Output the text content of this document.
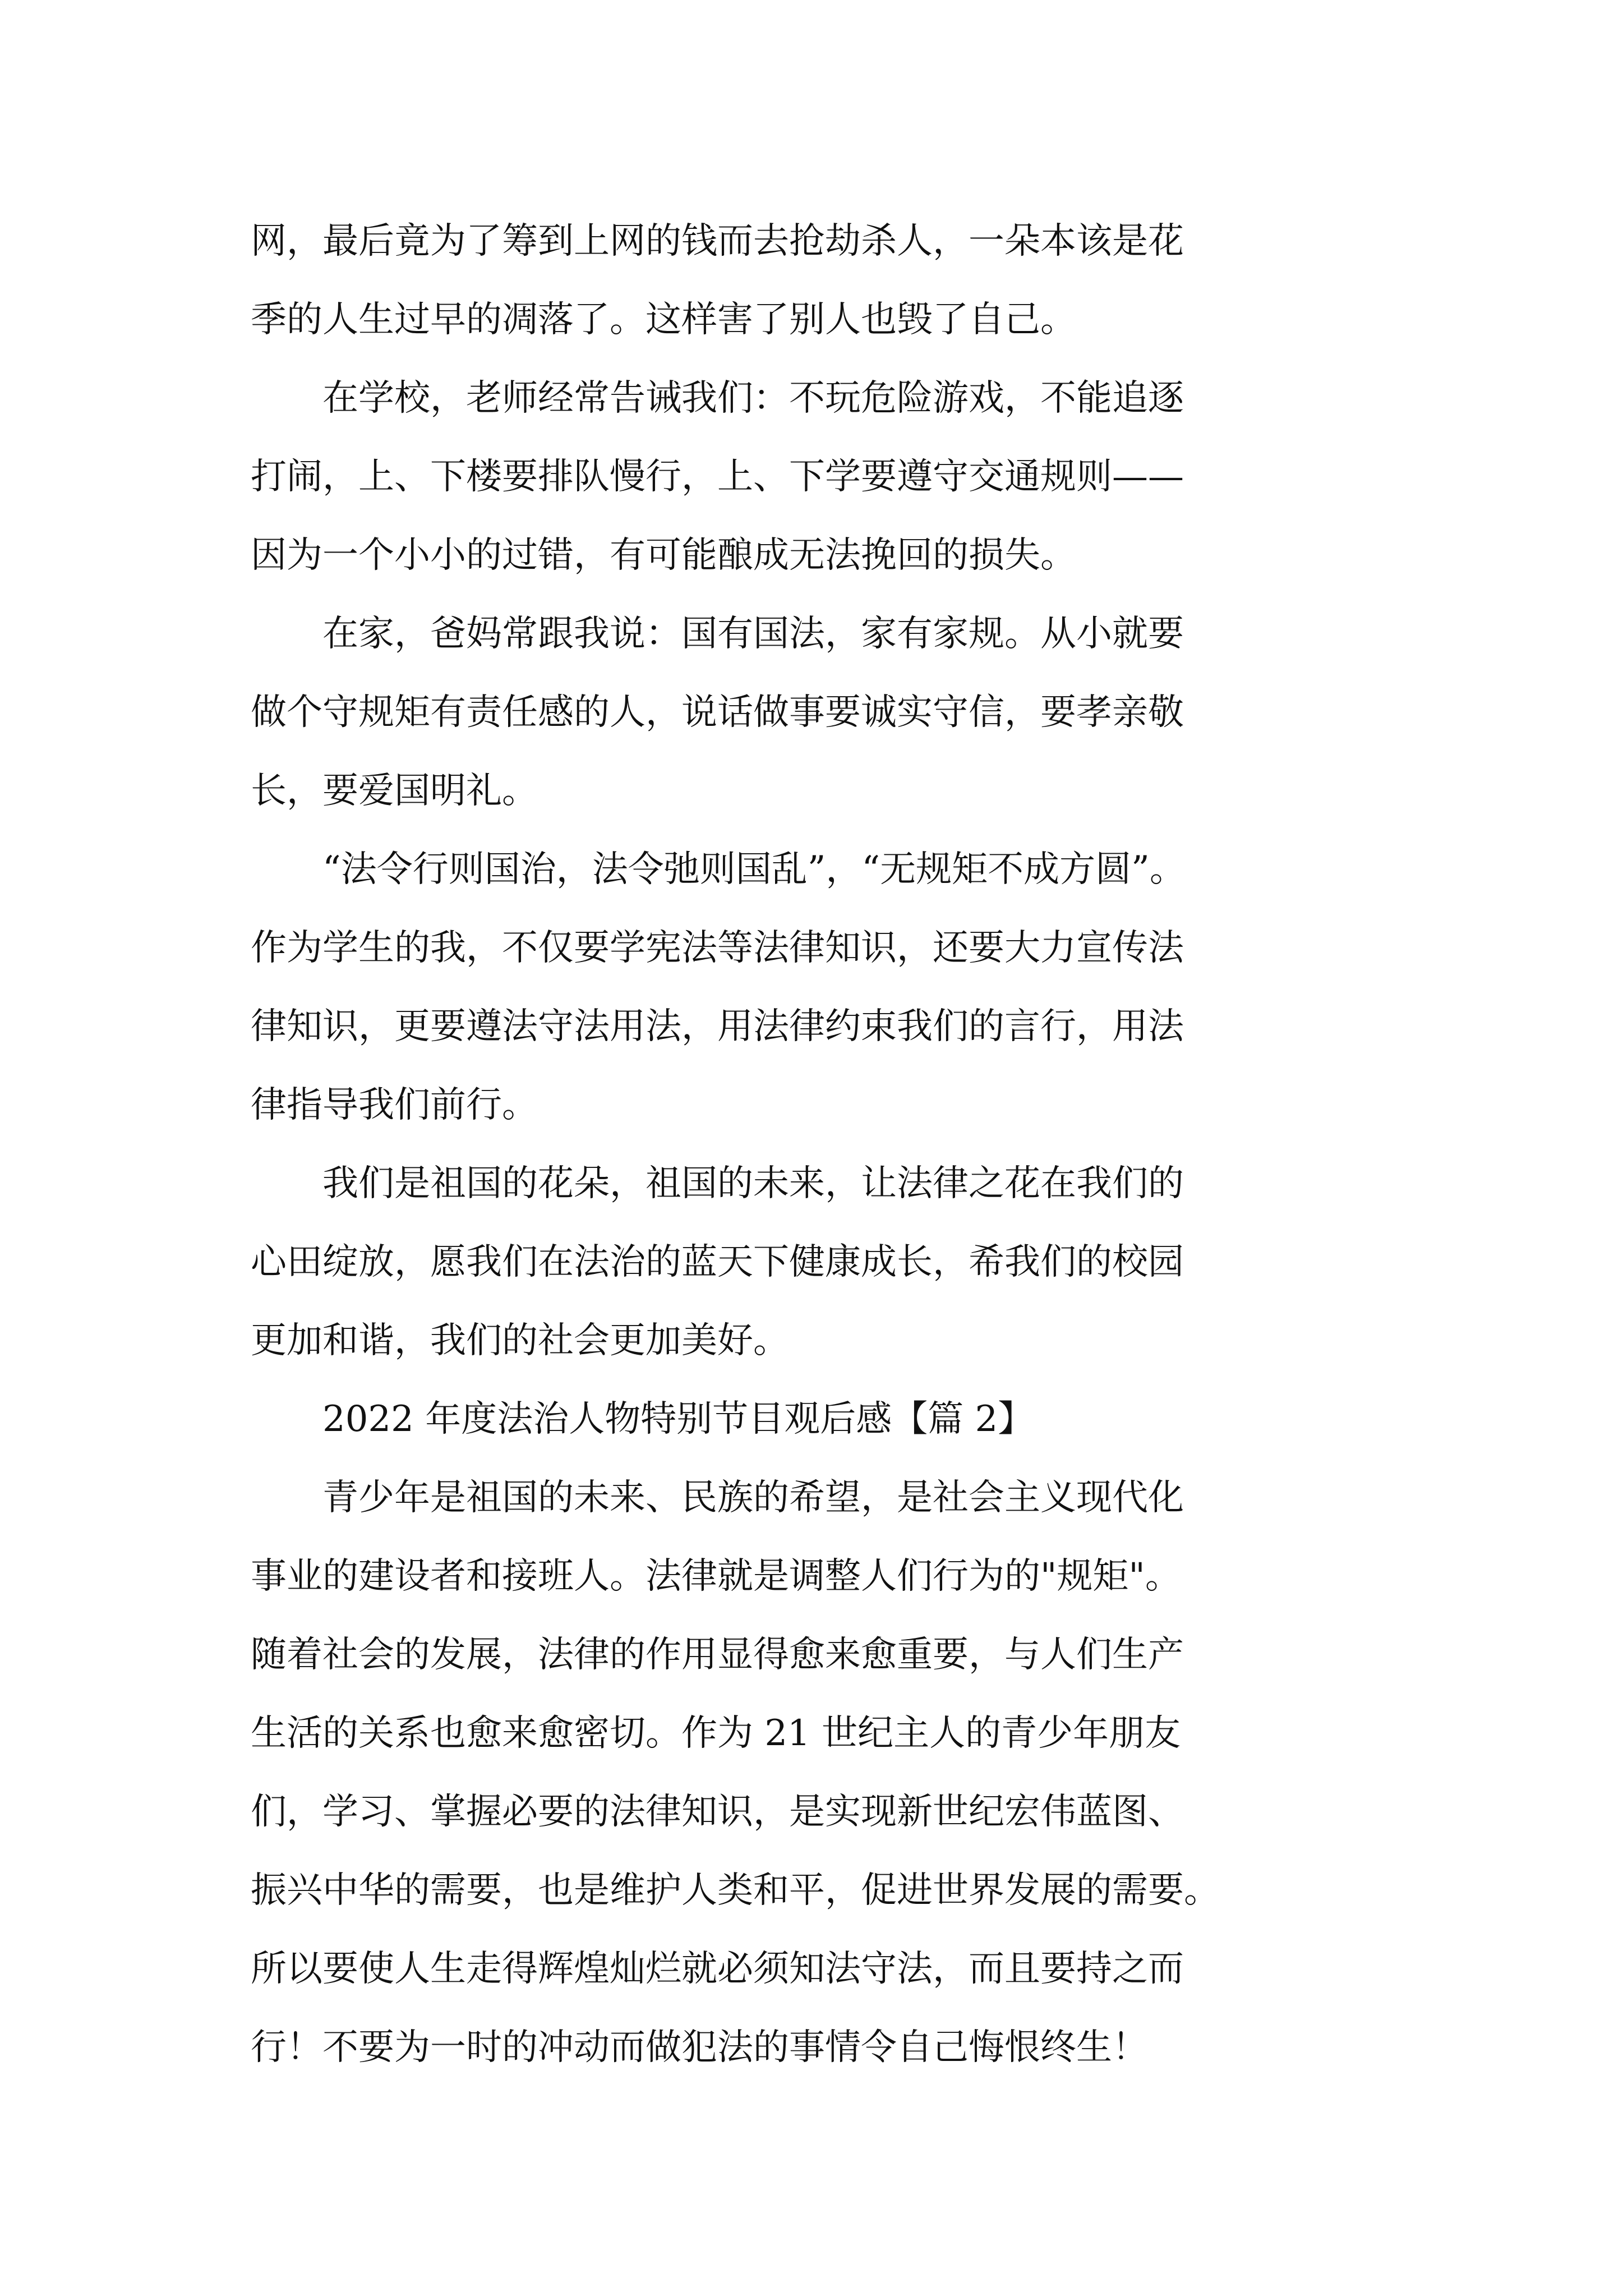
网，最后竟为了筹到上网的钱而去抢劫杀人，一朵本该是花
季的人生过早的凋落了。这样害了别人也毁了自己。
　　在学校，老师经常告诫我们：不玩危险游戏，不能追逐
打闹，上、下楼要排队慢行，上、下学要遵守交通规则——
因为一个小小的过错，有可能酿成无法挽回的损失。
　　在家，爸妈常跟我说：国有国法，家有家规。从小就要
做个守规矩有责任感的人，说话做事要诚实守信，要孝亲敬
长，要爱国明礼。
　　“法令行则国治，法令弛则国乱”，“无规矩不成方圆”。
作为学生的我，不仅要学宪法等法律知识，还要大力宣传法
律知识，更要遵法守法用法，用法律约束我们的言行，用法
律指导我们前行。
　　我们是祖国的花朵，祖国的未来，让法律之花在我们的
心田绽放，愿我们在法治的蓝天下健康成长，希我们的校园
更加和谐，我们的社会更加美好。
　　2022 年度法治人物特别节目观后感【篇 2】
　　青少年是祖国的未来、民族的希望，是社会主义现代化
事业的建设者和接班人。法律就是调整人们行为的"规矩"。
随着社会的发展，法律的作用显得愈来愈重要，与人们生产
生活的关系也愈来愈密切。作为 21 世纪主人的青少年朋友
们，学习、掌握必要的法律知识，是实现新世纪宏伟蓝图、
振兴中华的需要，也是维护人类和平，促进世界发展的需要。
所以要使人生走得辉煌灿烂就必须知法守法，而且要持之而
行！不要为一时的冲动而做犯法的事情令自己悔恨终生！
